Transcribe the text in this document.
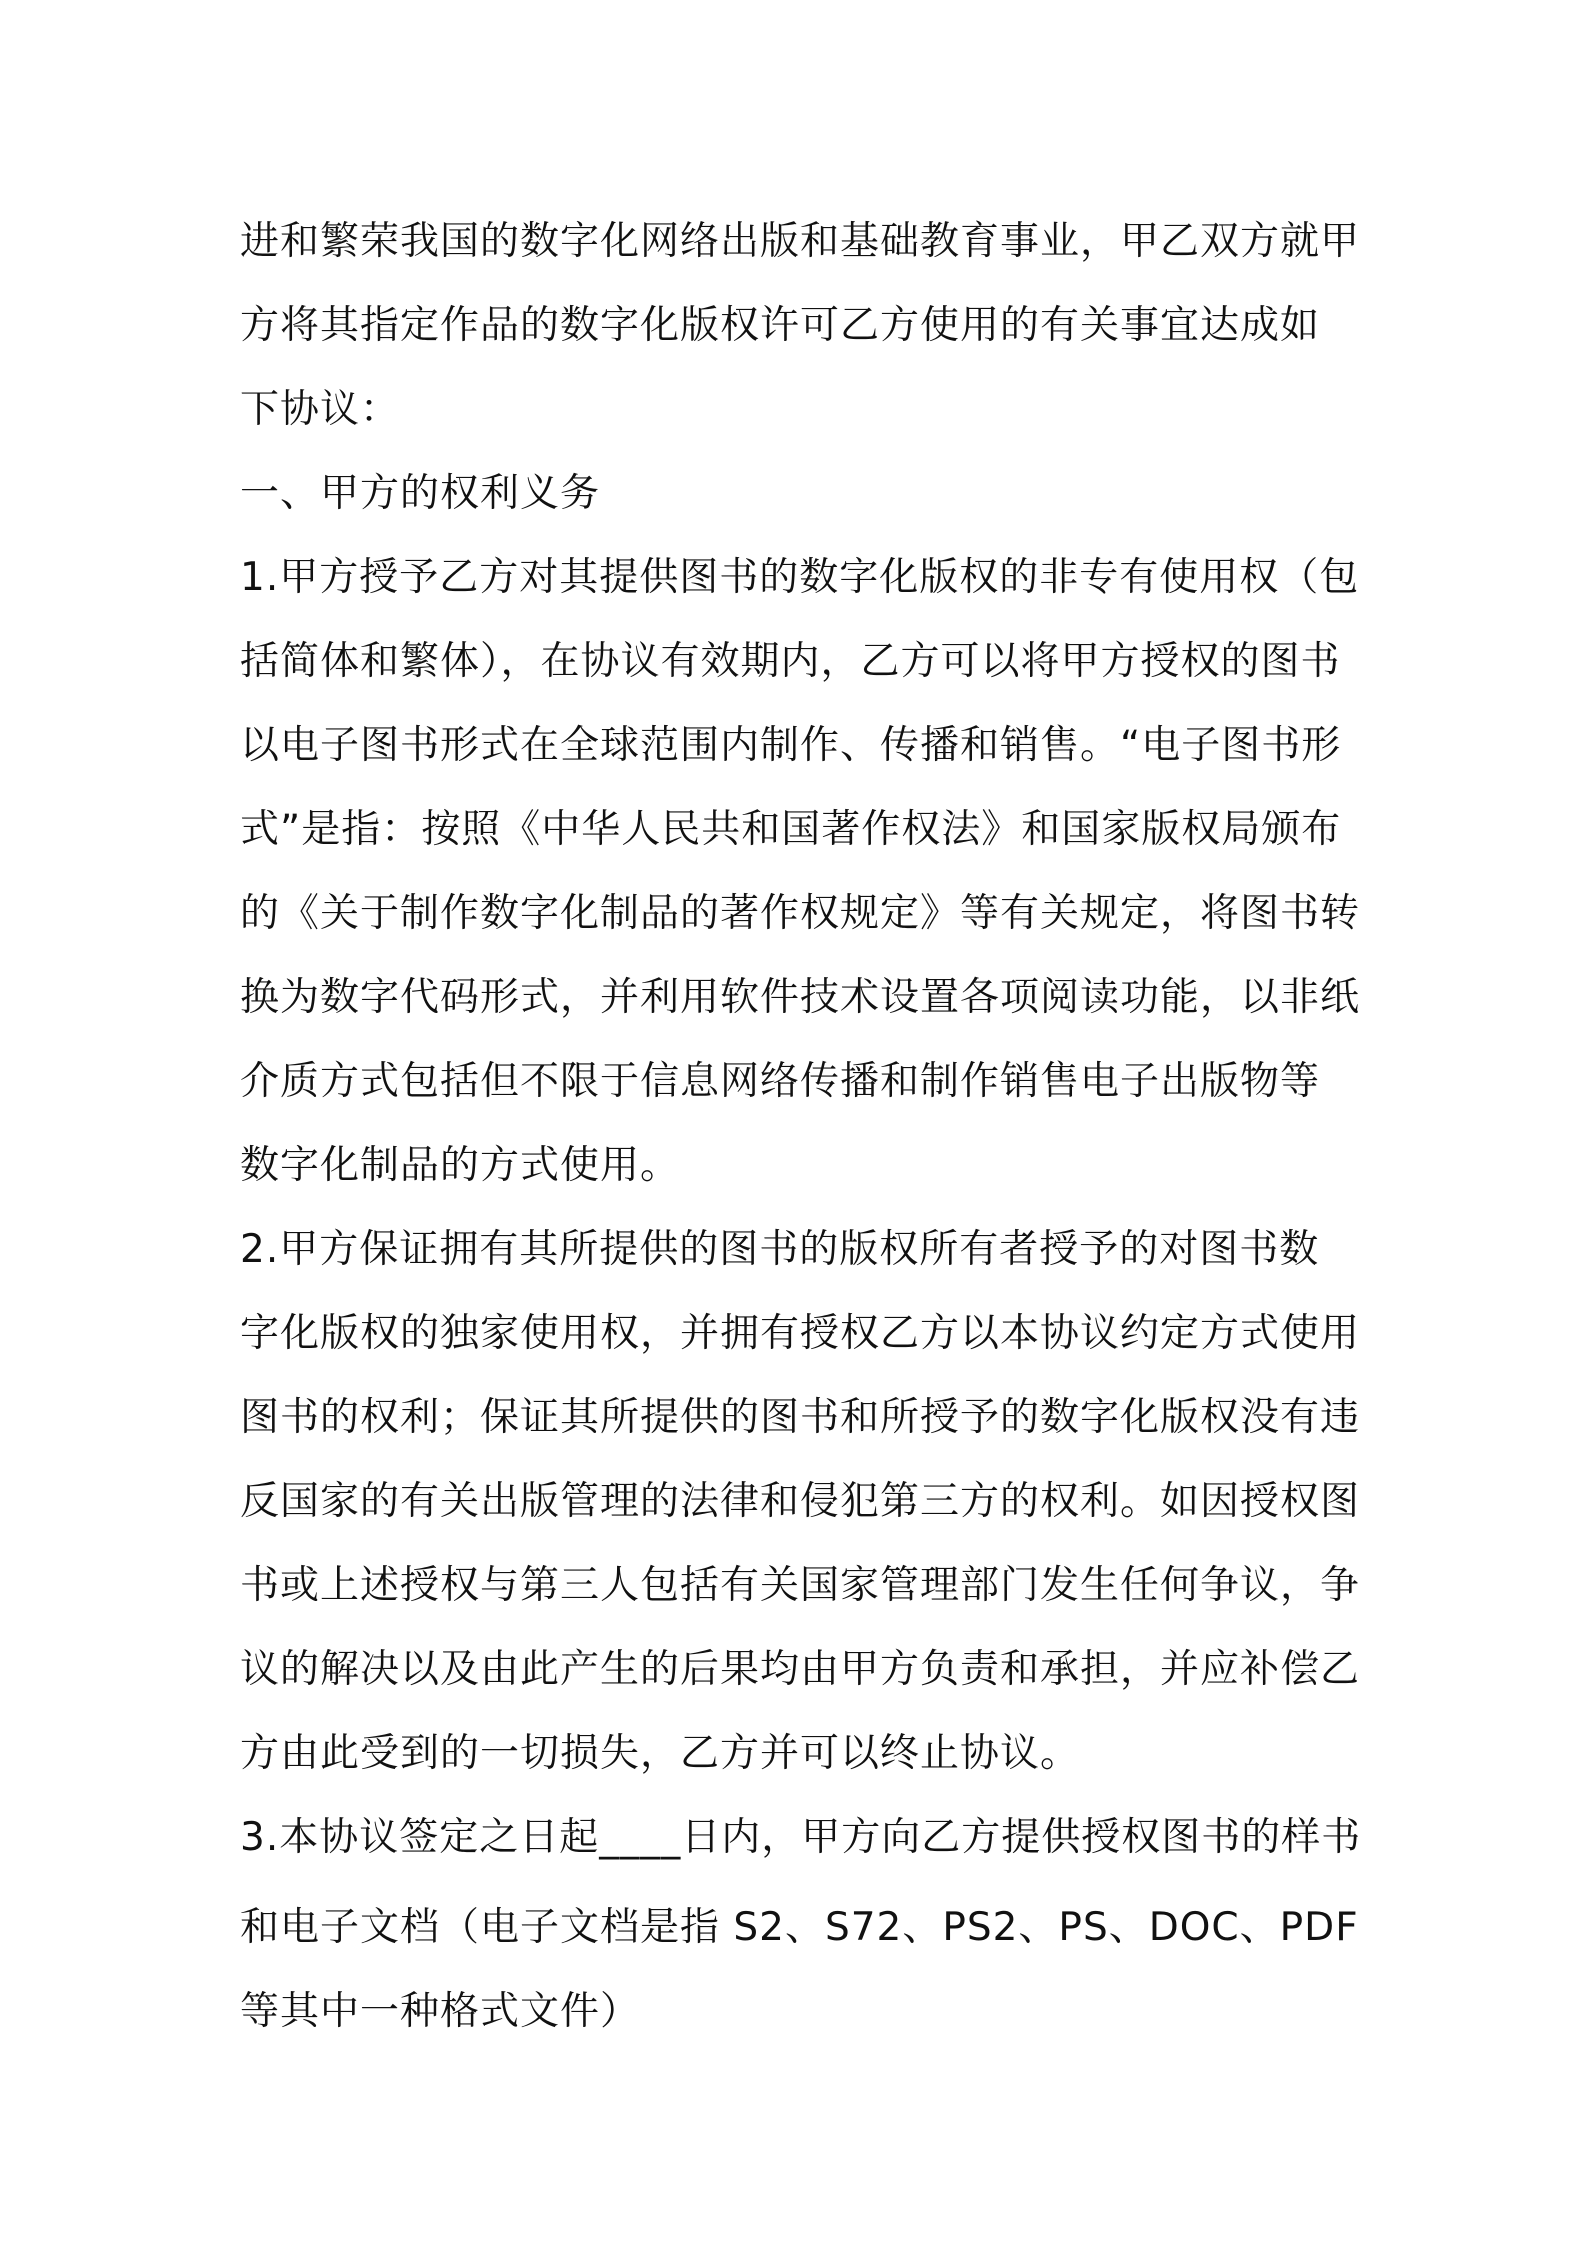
进和繁荣我国的数字化网络出版和基础教育事业，甲乙双方就甲
方将其指定作品的数字化版权许可乙方使用的有关事宜达成如
下协议：
一、甲方的权利义务
1.甲方授予乙方对其提供图书的数字化版权的非专有使用权（包
括简体和繁体），在协议有效期内，乙方可以将甲方授权的图书
以电子图书形式在全球范围内制作、传播和销售。“电子图书形
式”是指：按照《中华人民共和国著作权法》和国家版权局颁布
的《关于制作数字化制品的著作权规定》等有关规定，将图书转
换为数字代码形式，并利用软件技术设置各项阅读功能，以非纸
介质方式包括但不限于信息网络传播和制作销售电子出版物等
数字化制品的方式使用。
2.甲方保证拥有其所提供的图书的版权所有者授予的对图书数
字化版权的独家使用权，并拥有授权乙方以本协议约定方式使用
图书的权利；保证其所提供的图书和所授予的数字化版权没有违
反国家的有关出版管理的法律和侵犯第三方的权利。如因授权图
书或上述授权与第三人包括有关国家管理部门发生任何争议，争
议的解决以及由此产生的后果均由甲方负责和承担，并应补偿乙
方由此受到的一切损失，乙方并可以终止协议。
3.本协议签定之日起____日内，甲方向乙方提供授权图书的样书
和电子文档（电子文档是指 S2、S72、PS2、PS、DOC、PDF
等其中一种格式文件）
